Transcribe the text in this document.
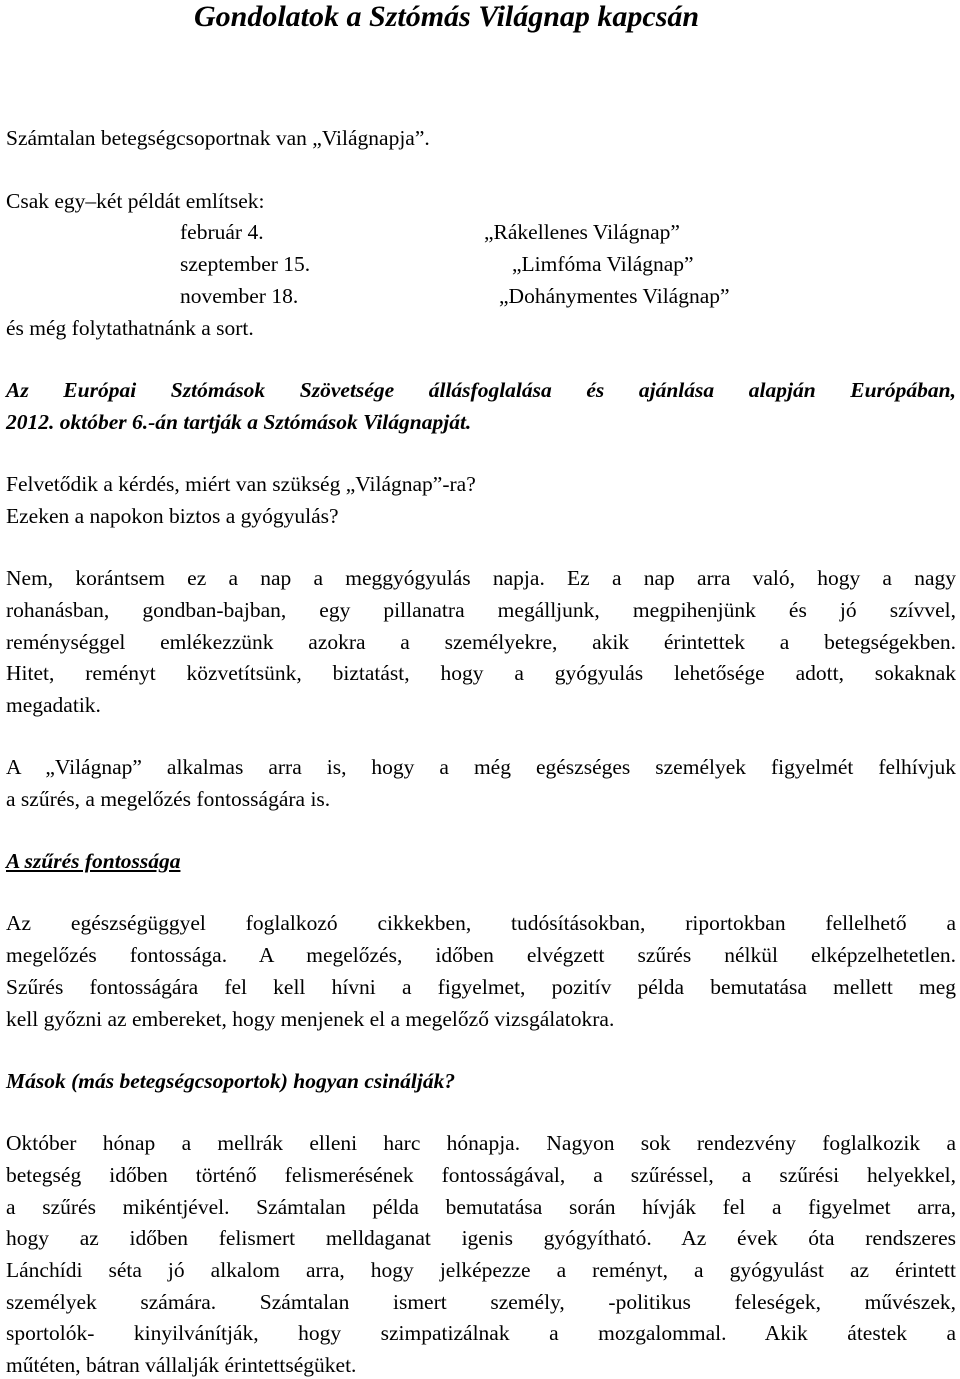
Gondolatok a Sztómás Világnap kapcsán
Számtalan betegségcsoportnak van „Világnapja”.
Csak egy–két példát említsek:
február 4.	„Rákellenes Világnap”
szeptember 15.	„Limfóma Világnap”
november 18.	„Dohánymentes Világnap”
és még folytathatnánk a sort.
Az Európai Sztómások Szövetsége állásfoglalása és ajánlása alapján Európában,
2012. október 6.-án tartják a Sztómások Világnapját.
Felvetődik a kérdés, miért van szükség „Világnap”-ra?
Ezeken a napokon biztos a gyógyulás?
Nem, korántsem ez a nap a meggyógyulás napja. Ez a nap arra való, hogy a nagy
rohanásban, gondban-bajban, egy pillanatra megálljunk, megpihenjünk és jó szívvel,
reménységgel emlékezzünk azokra a személyekre, akik érintettek a betegségekben.
Hitet, reményt közvetítsünk, biztatást, hogy a gyógyulás lehetősége adott, sokaknak
megadatik.
A „Világnap” alkalmas arra is, hogy a még egészséges személyek figyelmét felhívjuk
a szűrés, a megelőzés fontosságára is.
A szűrés fontossága
Az egészségüggyel foglalkozó cikkekben, tudósításokban, riportokban fellelhető a
megelőzés fontossága. A megelőzés, időben elvégzett szűrés nélkül elképzelhetetlen.
Szűrés fontosságára fel kell hívni a figyelmet, pozitív példa bemutatása mellett meg
kell győzni az embereket, hogy menjenek el a megelőző vizsgálatokra.
Mások (más betegségcsoportok) hogyan csinálják?
Október hónap a mellrák elleni harc hónapja. Nagyon sok rendezvény foglalkozik a
betegség időben történő felismerésének fontosságával, a szűréssel, a szűrési helyekkel,
a szűrés mikéntjével. Számtalan példa bemutatása során hívják fel a figyelmet arra,
hogy az időben felismert melldaganat igenis gyógyítható. Az évek óta rendszeres
Lánchídi séta jó alkalom arra, hogy jelképezze a reményt, a gyógyulást az érintett
személyek számára. Számtalan ismert személy, -politikus feleségek, művészek,
sportolók- kinyilvánítják, hogy szimpatizálnak a mozgalommal. Akik átestek a
műtéten, bátran vállalják érintettségüket.
